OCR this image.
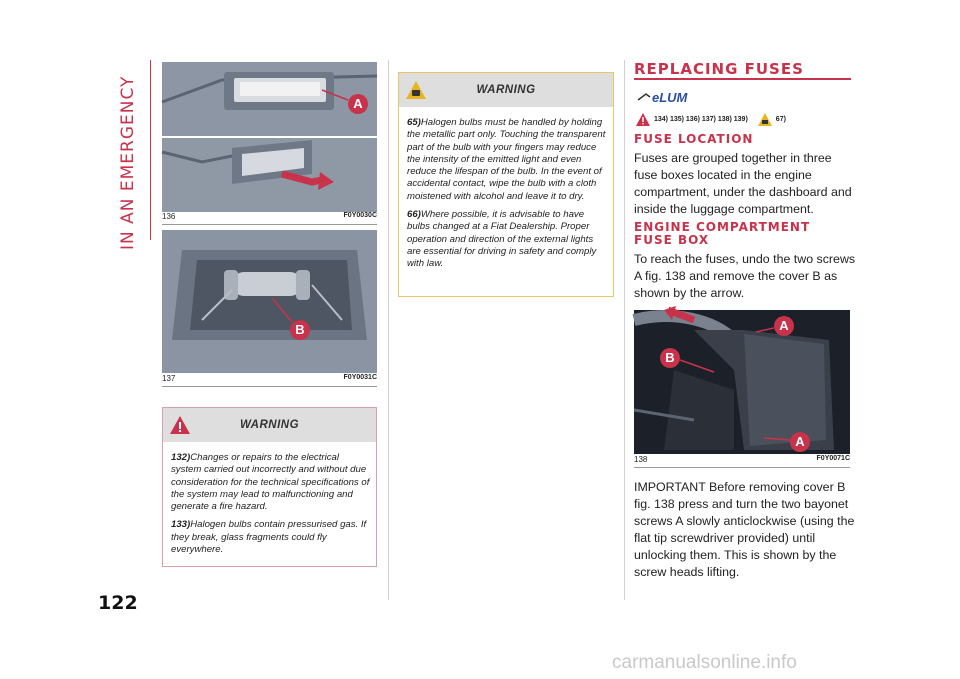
IN AN EMERGENCY	A
136	F0Y0030C
B
137	F0Y0031C
WARNING

132)Changes or repairs to the electrical system carried out incorrectly and without due consideration for the technical specifications of the system may lead to malfunctioning and generate a fire hazard.

133)Halogen bulbs contain pressurised gas. If they break, glass fragments could fly everywhere.

WARNING

65)Halogen bulbs must be handled by holding the metallic part only. Touching the transparent part of the bulb with your fingers may reduce the intensity of the emitted light and even reduce the lifespan of the bulb. In the event of accidental contact, wipe the bulb with a cloth moistened with alcohol and leave it to dry.

66)Where possible, it is advisable to have bulbs changed at a Fiat Dealership. Proper operation and direction of the external lights are essential for driving in safety and comply with law.

REPLACING FUSES
eLUM
134) 135) 136) 137) 138) 139)	67)
FUSE LOCATION
Fuses are grouped together in three fuse boxes located in the engine compartment, under the dashboard and inside the luggage compartment.
ENGINE COMPARTMENT
FUSE BOX
To reach the fuses, undo the two screws A fig. 138 and remove the cover B as shown by the arrow.
A
B
A
138	F0Y0071C
IMPORTANT Before removing cover B fig. 138 press and turn the two bayonet screws A slowly anticlockwise (using the flat tip screwdriver provided) until unlocking them. This is shown by the screw heads lifting.
122
carmanualsonline.info
